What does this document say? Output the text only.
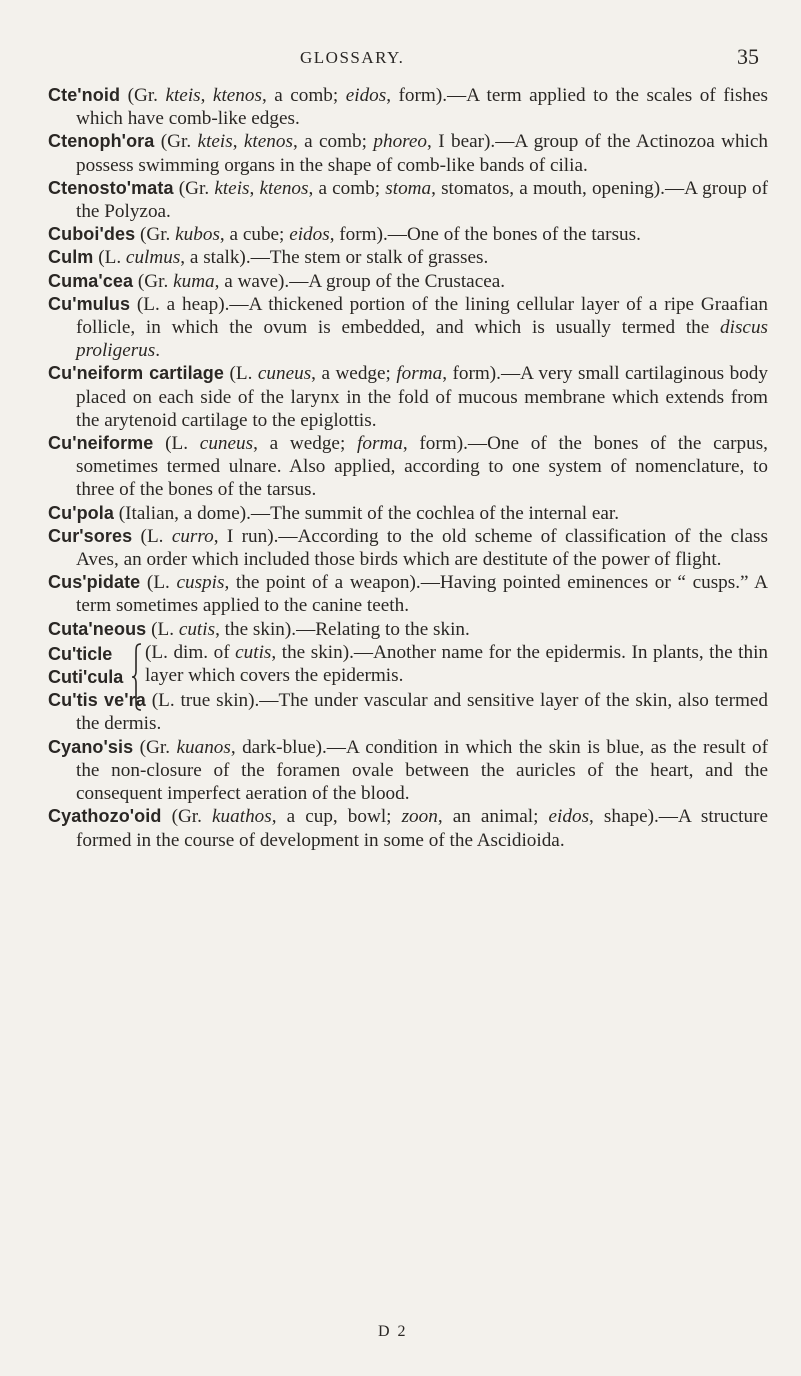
GLOSSARY.	35

Cte'noid (Gr. kteis, ktenos, a comb; eidos, form).—A term applied to the scales of fishes which have comb-like edges.

Ctenoph'ora (Gr. kteis, ktenos, a comb; phoreo, I bear).—A group of the Actinozoa which possess swimming organs in the shape of comb-like bands of cilia.

Ctenosto'mata (Gr. kteis, ktenos, a comb; stoma, stomatos, a mouth, opening).—A group of the Polyzoa.

Cuboi'des (Gr. kubos, a cube; eidos, form).—One of the bones of the tarsus.

Culm (L. culmus, a stalk).—The stem or stalk of grasses.

Cuma'cea (Gr. kuma, a wave).—A group of the Crustacea.

Cu'mulus (L. a heap).—A thickened portion of the lining cellular layer of a ripe Graafian follicle, in which the ovum is embedded, and which is usually termed the discus proligerus.

Cu'neiform cartilage (L. cuneus, a wedge; forma, form).—A very small cartilaginous body placed on each side of the larynx in the fold of mucous membrane which extends from the arytenoid cartilage to the epiglottis.

Cu'neiforme (L. cuneus, a wedge; forma, form).—One of the bones of the carpus, sometimes termed ulnare. Also applied, according to one system of nomenclature, to three of the bones of the tarsus.

Cu'pola (Italian, a dome).—The summit of the cochlea of the internal ear.

Cur'sores (L. curro, I run).—According to the old scheme of classification of the class Aves, an order which included those birds which are destitute of the power of flight.

Cus'pidate (L. cuspis, the point of a weapon).—Having pointed eminences or “ cusps.” A term sometimes applied to the canine teeth.

Cuta'neous (L. cutis, the skin).—Relating to the skin.

Cu'ticle
Cuti'cula
(L. dim. of cutis, the skin).—Another name for the epidermis. In plants, the thin layer which covers the epidermis.

Cu'tis ve'ra (L. true skin).—The under vascular and sensitive layer of the skin, also termed the dermis.

Cyano'sis (Gr. kuanos, dark-blue).—A condition in which the skin is blue, as the result of the non-closure of the foramen ovale between the auricles of the heart, and the consequent imperfect aeration of the blood.

Cyathozo'oid (Gr. kuathos, a cup, bowl; zoon, an animal; eidos, shape).—A structure formed in the course of development in some of the Ascidioida.

D 2
